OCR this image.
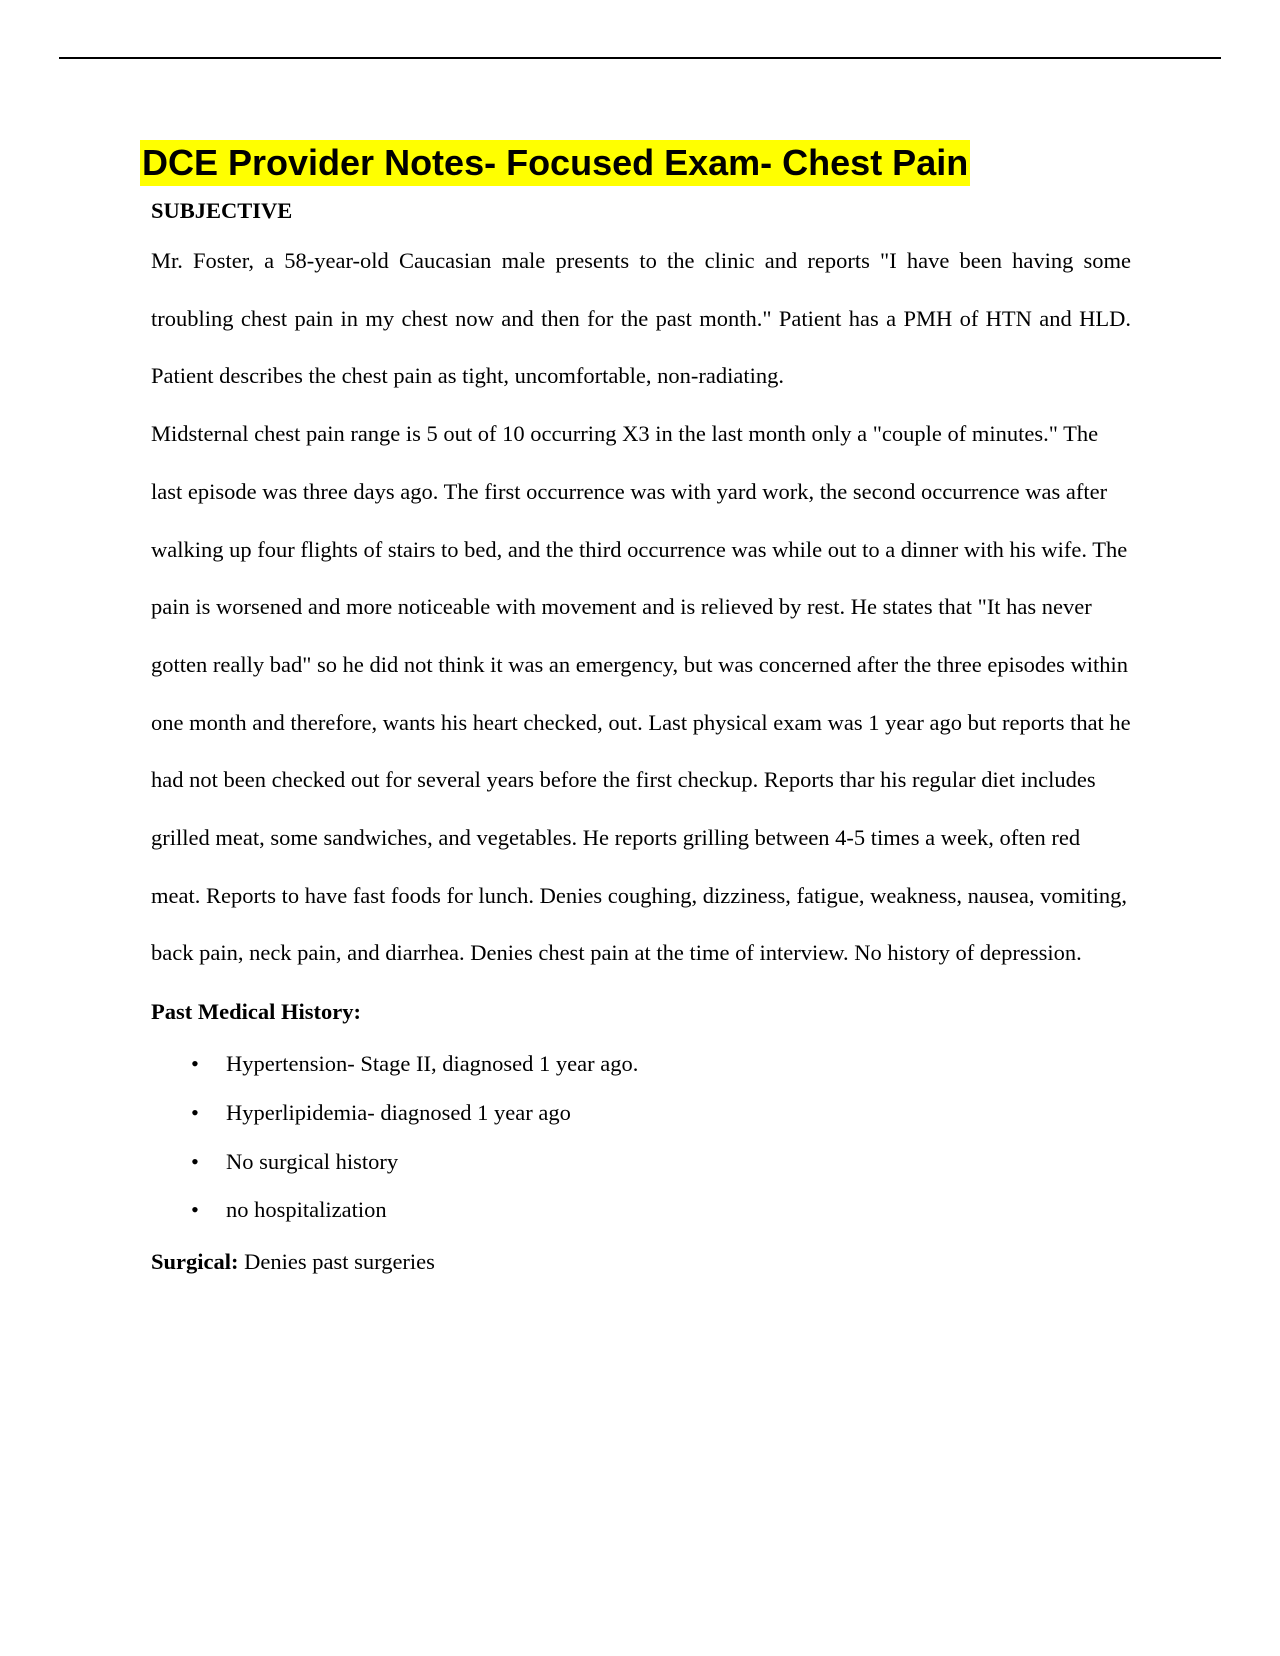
DCE Provider Notes- Focused Exam- Chest Pain

SUBJECTIVE

Mr. Foster, a 58-year-old Caucasian male presents to the clinic and reports "I have been having some troubling chest pain in my chest now and then for the past month." Patient has a PMH of HTN and HLD. Patient describes the chest pain as tight, uncomfortable, non-radiating.

Midsternal chest pain range is 5 out of 10 occurring X3 in the last month only a "couple of minutes." The last episode was three days ago. The first occurrence was with yard work, the second occurrence was after walking up four flights of stairs to bed, and the third occurrence was while out to a dinner with his wife. The pain is worsened and more noticeable with movement and is relieved by rest. He states that "It has never gotten really bad" so he did not think it was an emergency, but was concerned after the three episodes within one month and therefore, wants his heart checked, out. Last physical exam was 1 year ago but reports that he had not been checked out for several years before the first checkup. Reports thar his regular diet includes grilled meat, some sandwiches, and vegetables. He reports grilling between 4-5 times a week, often red meat. Reports to have fast foods for lunch. Denies coughing, dizziness, fatigue, weakness, nausea, vomiting, back pain, neck pain, and diarrhea. Denies chest pain at the time of interview. No history of depression.

Past Medical History:

• Hypertension- Stage II, diagnosed 1 year ago.
• Hyperlipidemia- diagnosed 1 year ago
• No surgical history
• no hospitalization

Surgical: Denies past surgeries
